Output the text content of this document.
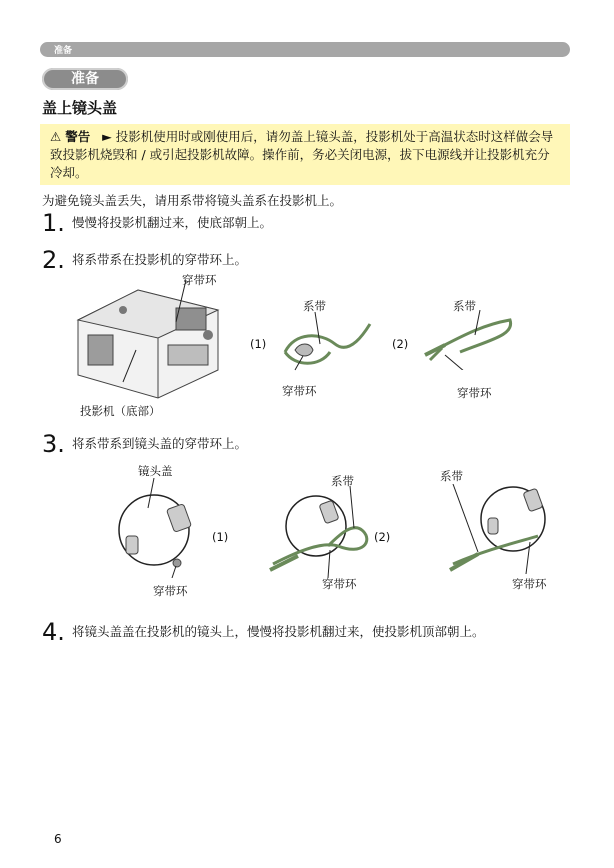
准备
准备
盖上镜头盖

⚠ 警告 ► 投影机使用时或刚使用后，请勿盖上镜头盖，投影机处于高温状态时这样做会导致投影机烧毁和 / 或引起投影机故障。操作前，务必关闭电源，拔下电源线并让投影机充分冷却。

为避免镜头盖丢失，请用系带将镜头盖系在投影机上。
1. 慢慢将投影机翻过来，使底部朝上。
2. 将系带系在投影机的穿带环上。
穿带环
投影机（底部）
(1)
系带
穿带环
(2)
系带
穿带环
3. 将系带系到镜头盖的穿带环上。
镜头盖
穿带环
(1)
系带
穿带环
(2)
系带
穿带环
4. 将镜头盖盖在投影机的镜头上，慢慢将投影机翻过来，使投影机顶部朝上。
6
